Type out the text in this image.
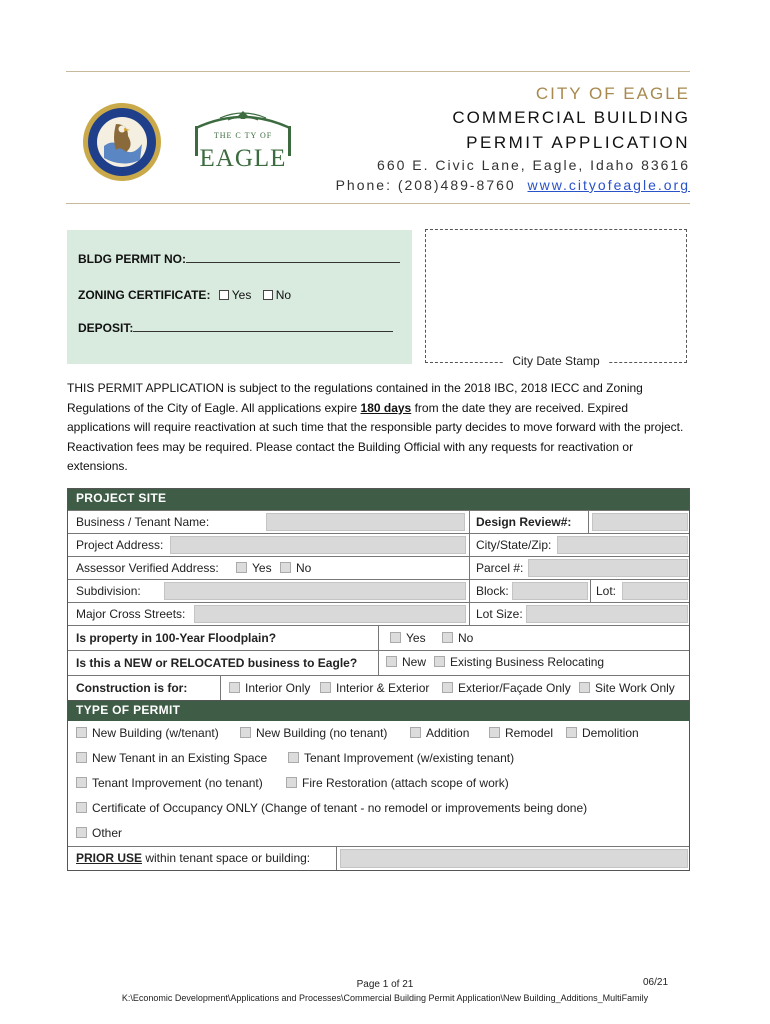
THE C TY OF
EAGLE
CITY OF EAGLE
COMMERCIAL BUILDING
PERMIT APPLICATION
660 E. Civic Lane, Eagle, Idaho 83616
Phone: (208)489-8760 www.cityofeagle.org
BLDG PERMIT NO:
ZONING CERTIFICATE: Yes No
DEPOSIT:
City Date Stamp
THIS PERMIT APPLICATION is subject to the regulations contained in the 2018 IBC, 2018 IECC and Zoning Regulations of the City of Eagle. All applications expire 180 days from the date they are received. Expired applications will require reactivation at such time that the responsible party decides to move forward with the project. Reactivation fees may be required. Please contact the Building Official with any requests for reactivation or extensions.
PROJECT SITE
Business / Tenant Name:	Design Review#:
Project Address:	City/State/Zip:
Assessor Verified Address:	Yes	No	Parcel #:
Subdivision:	Block:	Lot:
Major Cross Streets:	Lot Size:
Is property in 100-Year Floodplain?	Yes	No
Is this a NEW or RELOCATED business to Eagle?	New	Existing Business Relocating
Construction is for:	Interior Only	Interior & Exterior	Exterior/Façade Only	Site Work Only
TYPE OF PERMIT
New Building (w/tenant)	New Building (no tenant)	Addition	Remodel	Demolition
New Tenant in an Existing Space	Tenant Improvement (w/existing tenant)
Tenant Improvement (no tenant)	Fire Restoration (attach scope of work)
Certificate of Occupancy ONLY (Change of tenant - no remodel or improvements being done)
Other
PRIOR USE within tenant space or building:
Page 1 of 21	06/21
K:\Economic Development\Applications and Processes\Commercial Building Permit Application\New Building_Additions_MultiFamily
